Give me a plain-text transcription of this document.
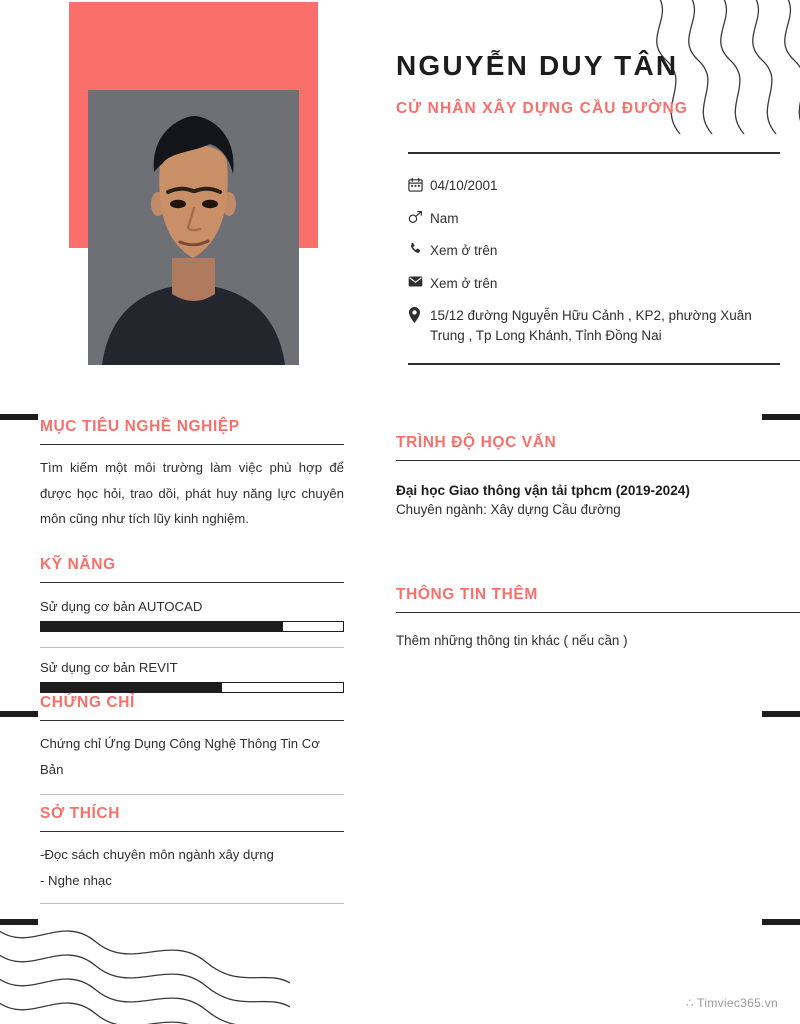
NGUYỄN DUY TÂN
CỬ NHÂN XÂY DỰNG CẦU ĐƯỜNG
04/10/2001
Nam
Xem ở trên
Xem ở trên
15/12 đường Nguyễn Hữu Cảnh , KP2, phường Xuân Trung , Tp Long Khánh, Tỉnh Đồng Nai
MỤC TIÊU NGHỀ NGHIỆP
Tìm kiếm một môi trường làm việc phù hợp để được học hỏi, trao dồi, phát huy năng lực chuyên môn cũng như tích lũy kinh nghiệm.
KỸ NĂNG
Sử dụng cơ bản AUTOCAD
Sử dụng cơ bản REVIT
CHỨNG CHỈ
Chứng chỉ Ứng Dụng Công Nghệ Thông Tin Cơ Bản
SỞ THÍCH
-Đọc sách chuyên môn ngành xây dựng
- Nghe nhạc
TRÌNH ĐỘ HỌC VẤN
Đại học Giao thông vận tải tphcm (2019-2024)
Chuyên ngành: Xây dựng Cầu đường
THÔNG TIN THÊM
Thêm những thông tin khác ( nếu cần )
∴ Timviec365.vn
